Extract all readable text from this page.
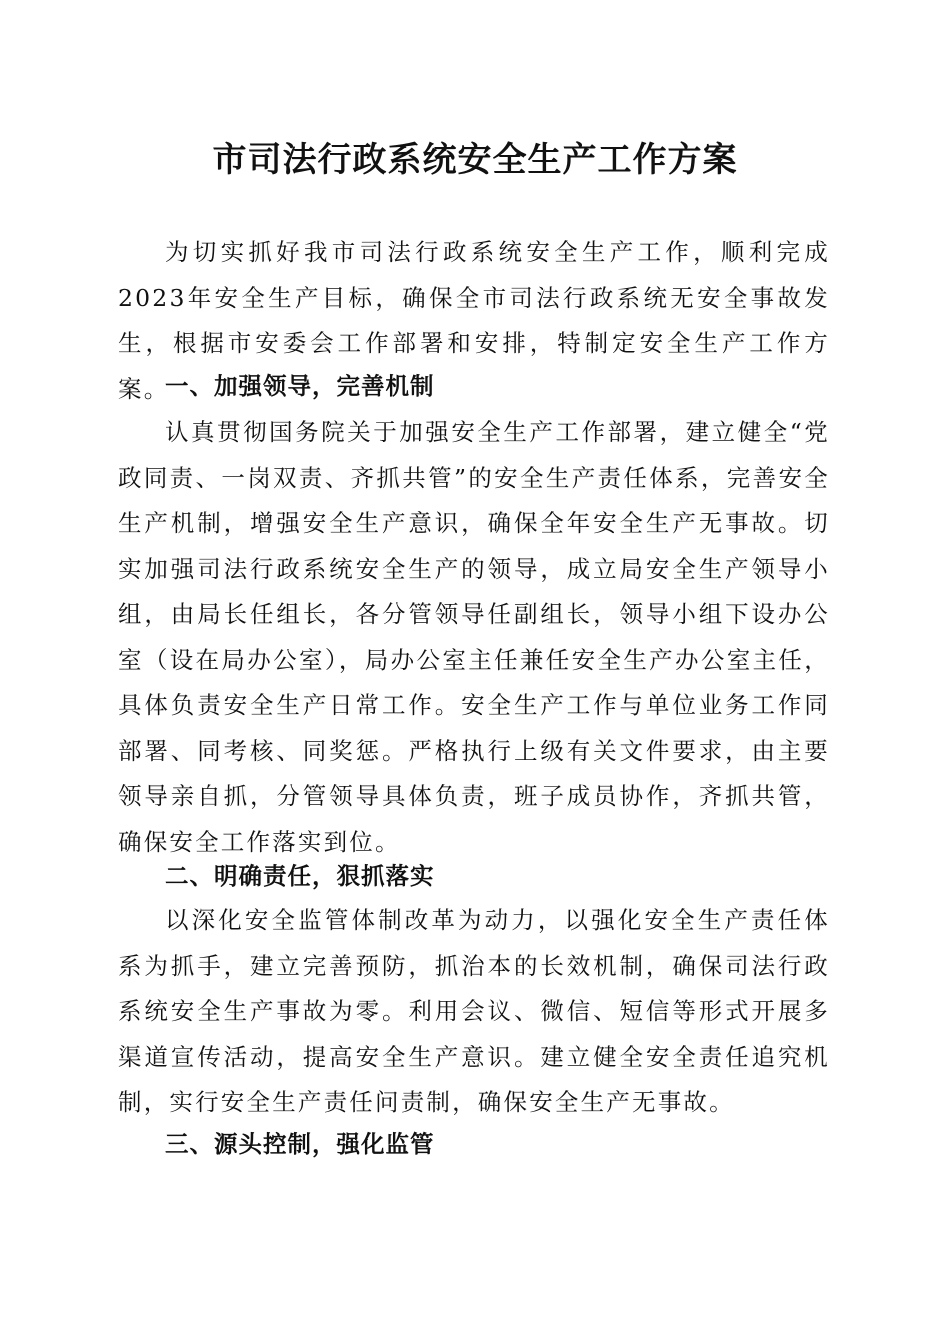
市司法行政系统安全生产工作方案

为切实抓好我市司法行政系统安全生产工作，顺利完成2023年安全生产目标，确保全市司法行政系统无安全事故发生，根据市安委会工作部署和安排，特制定安全生产工作方案。

一、加强领导，完善机制

认真贯彻国务院关于加强安全生产工作部署，建立健全“党政同责、一岗双责、齐抓共管”的安全生产责任体系，完善安全生产机制，增强安全生产意识，确保全年安全生产无事故。切实加强司法行政系统安全生产的领导，成立局安全生产领导小组，由局长任组长，各分管领导任副组长，领导小组下设办公室（设在局办公室），局办公室主任兼任安全生产办公室主任，具体负责安全生产日常工作。安全生产工作与单位业务工作同部署、同考核、同奖惩。严格执行上级有关文件要求，由主要领导亲自抓，分管领导具体负责，班子成员协作，齐抓共管，确保安全工作落实到位。

二、明确责任，狠抓落实

以深化安全监管体制改革为动力，以强化安全生产责任体系为抓手，建立完善预防，抓治本的长效机制，确保司法行政系统安全生产事故为零。利用会议、微信、短信等形式开展多渠道宣传活动，提高安全生产意识。建立健全安全责任追究机制，实行安全生产责任问责制，确保安全生产无事故。

三、源头控制，强化监管
